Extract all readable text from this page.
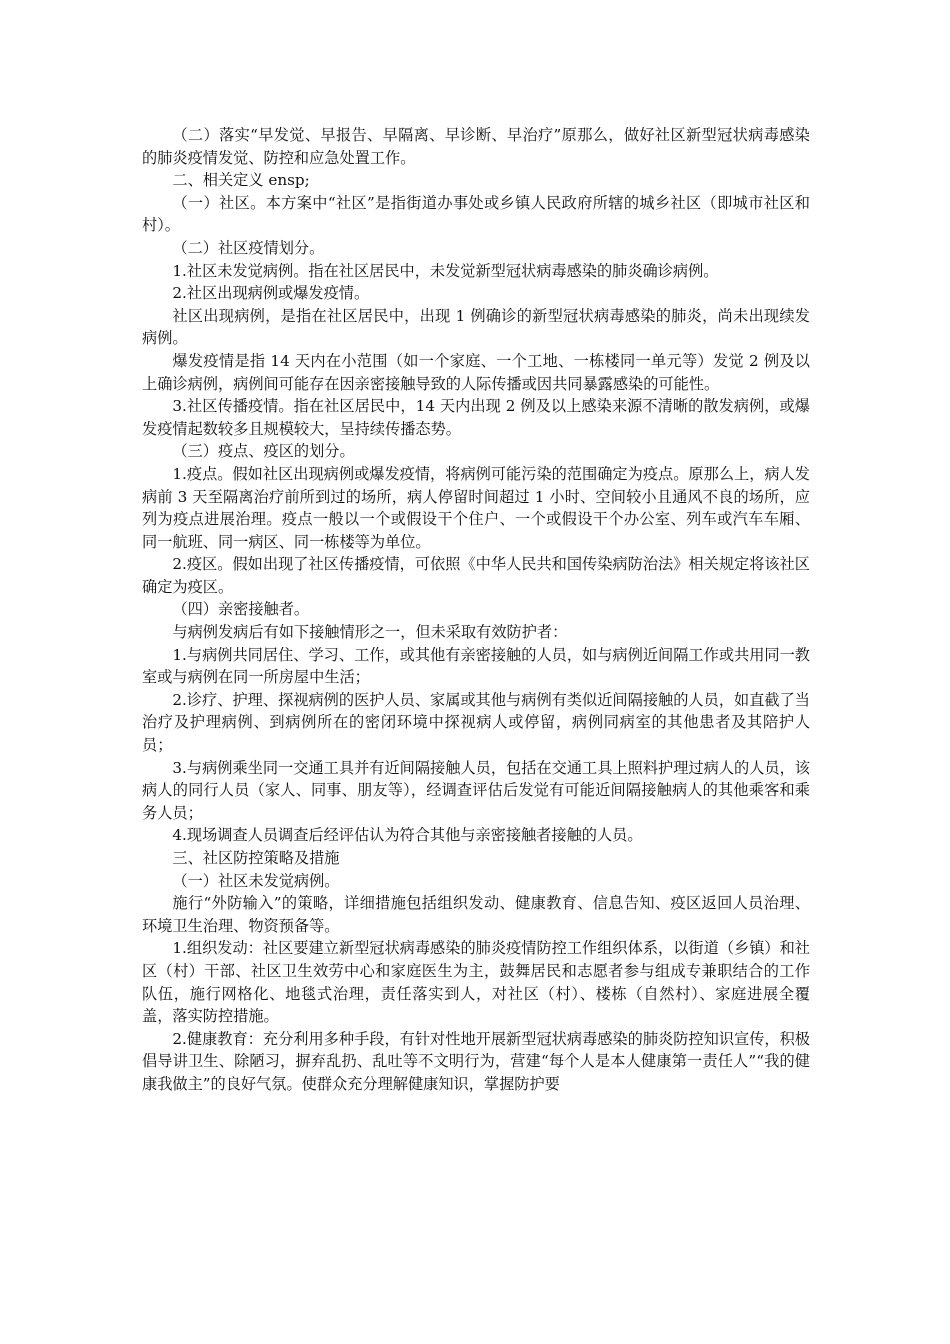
（二）落实“早发觉、早报告、早隔离、早诊断、早治疗”原那么，做好社区新型冠状病毒感染的肺炎疫情发觉、防控和应急处置工作。

二、相关定义 ensp;

（一）社区。本方案中“社区”是指街道办事处或乡镇人民政府所辖的城乡社区（即城市社区和村）。

（二）社区疫情划分。

1.社区未发觉病例。指在社区居民中，未发觉新型冠状病毒感染的肺炎确诊病例。

2.社区出现病例或爆发疫情。

社区出现病例，是指在社区居民中，出现 1 例确诊的新型冠状病毒感染的肺炎，尚未出现续发病例。

爆发疫情是指 14 天内在小范围（如一个家庭、一个工地、一栋楼同一单元等）发觉 2 例及以上确诊病例，病例间可能存在因亲密接触导致的人际传播或因共同暴露感染的可能性。

3.社区传播疫情。指在社区居民中，14 天内出现 2 例及以上感染来源不清晰的散发病例，或爆发疫情起数较多且规模较大，呈持续传播态势。

（三）疫点、疫区的划分。

1.疫点。假如社区出现病例或爆发疫情，将病例可能污染的范围确定为疫点。原那么上，病人发病前 3 天至隔离治疗前所到过的场所，病人停留时间超过 1 小时、空间较小且通风不良的场所，应列为疫点进展治理。疫点一般以一个或假设干个住户、一个或假设干个办公室、列车或汽车车厢、同一航班、同一病区、同一栋楼等为单位。

2.疫区。假如出现了社区传播疫情，可依照《中华人民共和国传染病防治法》相关规定将该社区确定为疫区。

（四）亲密接触者。

与病例发病后有如下接触情形之一，但未采取有效防护者：

1.与病例共同居住、学习、工作，或其他有亲密接触的人员，如与病例近间隔工作或共用同一教室或与病例在同一所房屋中生活；

2.诊疗、护理、探视病例的医护人员、家属或其他与病例有类似近间隔接触的人员，如直截了当治疗及护理病例、到病例所在的密闭环境中探视病人或停留，病例同病室的其他患者及其陪护人员；

3.与病例乘坐同一交通工具并有近间隔接触人员，包括在交通工具上照料护理过病人的人员，该病人的同行人员（家人、同事、朋友等），经调查评估后发觉有可能近间隔接触病人的其他乘客和乘务人员；

4.现场调查人员调查后经评估认为符合其他与亲密接触者接触的人员。

三、社区防控策略及措施

（一）社区未发觉病例。

施行“外防输入”的策略，详细措施包括组织发动、健康教育、信息告知、疫区返回人员治理、环境卫生治理、物资预备等。

1.组织发动：社区要建立新型冠状病毒感染的肺炎疫情防控工作组织体系，以街道（乡镇）和社区（村）干部、社区卫生效劳中心和家庭医生为主，鼓舞居民和志愿者参与组成专兼职结合的工作队伍，施行网格化、地毯式治理，责任落实到人，对社区（村）、楼栋（自然村）、家庭进展全覆盖，落实防控措施。

2.健康教育：充分利用多种手段，有针对性地开展新型冠状病毒感染的肺炎防控知识宣传，积极倡导讲卫生、除陋习，摒弃乱扔、乱吐等不文明行为，营建“每个人是本人健康第一责任人”“我的健康我做主”的良好气氛。使群众充分理解健康知识，掌握防护要
